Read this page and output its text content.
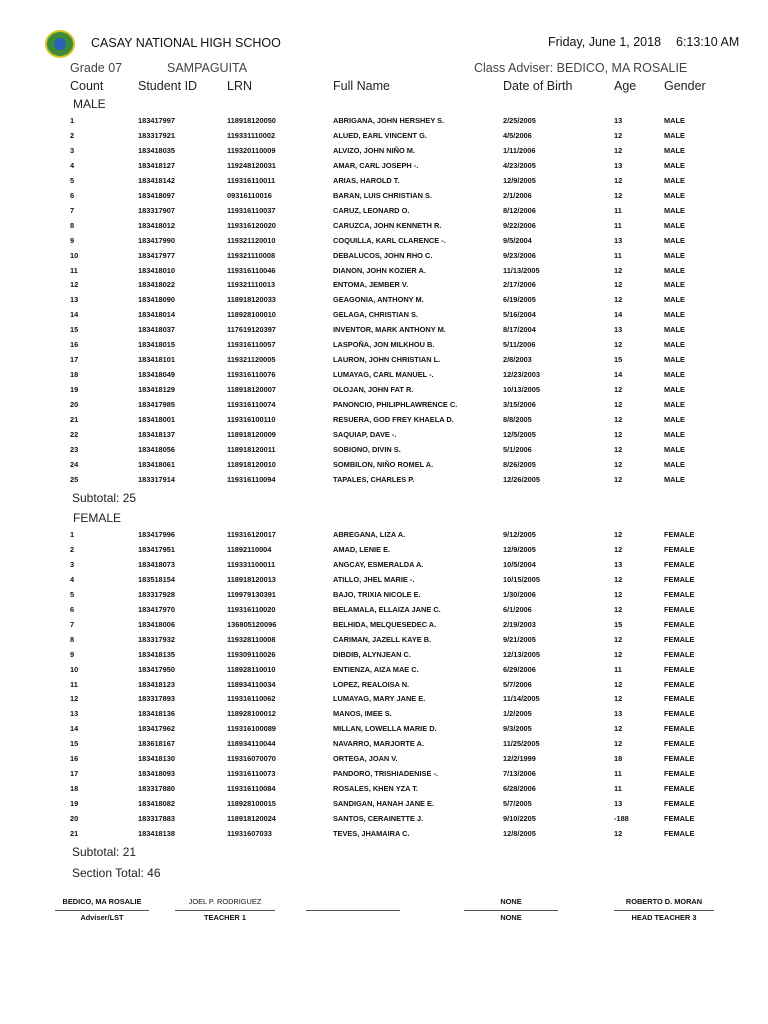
CASAY NATIONAL HIGH SCHOO	Friday, June 1, 2018 6:13:10 AM
Grade 07	SAMPAGUITA	Class Adviser: BEDICO, MA ROSALIE
Count	Student ID LRN	Full Name	Date of Birth	Age Gender
MALE
1	183417997	118918120050	ABRIGANA, JOHN HERSHEY S.	2/25/2005	13	MALE
2	183317921	119331110002	ALUED, EARL VINCENT G.	4/5/2006	12	MALE
3	183418035	119320110009	ALVIZO, JOHN NIÑO M.	1/11/2006	12	MALE
4	183418127	119248120031	AMAR, CARL JOSEPH -.	4/23/2005	13	MALE
5	183418142	119316110011	ARIAS, HAROLD T.	12/9/2005	12	MALE
6	183418097	09316110016	BARAN, LUIS CHRISTIAN S.	2/1/2006	12	MALE
7	183317907	119316110037	CARUZ, LEONARD O.	8/12/2006	11	MALE
8	183418012	119316120020	CARUZCA, JOHN KENNETH R.	9/22/2006	11	MALE
9	183417990	119321120010	COQUILLA, KARL CLARENCE -.	9/5/2004	13	MALE
10	183417977	119321110008	DEBALUCOS, JOHN RHO C.	9/23/2006	11	MALE
11	183418010	119316110046	DIANON, JOHN KOZIER A.	11/13/2005	12	MALE
12	183418022	119321110013	ENTOMA, JEMBER V.	2/17/2006	12	MALE
13	183418090	118918120033	GEAGONIA, ANTHONY M.	6/19/2005	12	MALE
14	183418014	118928100010	GELAGA, CHRISTIAN S.	5/16/2004	14	MALE
15	183418037	117619120397	INVENTOR, MARK ANTHONY M.	8/17/2004	13	MALE
16	183418015	119316110057	LASPOÑA, JON MILKHOU B.	5/11/2006	12	MALE
17	183418101	119321120005	LAURON, JOHN CHRISTIAN L.	2/8/2003	15	MALE
18	183418049	119316110076	LUMAYAG, CARL MANUEL -.	12/23/2003	14	MALE
19	183418129	118918120007	OLOJAN, JOHN FAT R.	10/13/2005	12	MALE
20	183417985	119316110074	PANONCIO, PHILIPHLAWRENCE C.	3/15/2006	12	MALE
21	183418001	119316100110	RESUERA, GOD FREY KHAELA D.	8/8/2005	12	MALE
22	183418137	118918120009	SAQUIAP, DAVE -.	12/5/2005	12	MALE
23	183418056	118918120011	SOBIONO, DIVIN S.	5/1/2006	12	MALE
24	183418061	118918120010	SOMBILON, NIÑO ROMEL A.	8/26/2005	12	MALE
25	183317914	119316110094	TAPALES, CHARLES P.	12/26/2005	12	MALE
Subtotal: 25
FEMALE
1	183417996	119316120017	ABREGANA, LIZA A.	9/12/2005	12	FEMALE
2	183417951	11892110004	AMAD, LENIE E.	12/9/2005	12	FEMALE
3	183418073	119331100011	ANGCAY, ESMERALDA A.	10/5/2004	13	FEMALE
4	183518154	118918120013	ATILLO, JHEL MARIE -.	10/15/2005	12	FEMALE
5	183317928	119979130391	BAJO, TRIXIA NICOLE E.	1/30/2006	12	FEMALE
6	183417970	119316110020	BELAMALA, ELLAIZA JANE C.	6/1/2006	12	FEMALE
7	183418006	136805120096	BELHIDA, MELQUESEDEC A.	2/19/2003	15	FEMALE
8	183317932	119328110008	CARIMAN, JAZELL KAYE B.	9/21/2005	12	FEMALE
9	183418135	119309110026	DIBDIB, ALYNJEAN C.	12/13/2005	12	FEMALE
10	183417950	118928110010	ENTIENZA, AIZA MAE C.	6/29/2006	11	FEMALE
11	183418123	118934110034	LOPEZ, REALOISA N.	5/7/2006	12	FEMALE
12	183317893	119316110062	LUMAYAG, MARY JANE E.	11/14/2005	12	FEMALE
13	183418136	118928100012	MANOS, IMEE S.	1/2/2005	13	FEMALE
14	183417962	119316100089	MILLAN, LOWELLA MARIE D.	9/3/2005	12	FEMALE
15	183618167	118934110044	NAVARRO, MARJORTE A.	11/25/2005	12	FEMALE
16	183418130	119316070070	ORTEGA, JOAN V.	12/2/1999	18	FEMALE
17	183418093	119316110073	PANDORO, TRISHIADENISE -.	7/13/2006	11	FEMALE
18	183317880	119316110084	ROSALES, KHEN YZA T.	6/28/2006	11	FEMALE
19	183418082	118928100015	SANDIGAN, HANAH JANE E.	5/7/2005	13	FEMALE
20	183317883	118918120024	SANTOS, CERAINETTE J.	9/10/2205	-188	FEMALE
21	183418138	11931607033	TEVES, JHAMAIRA C.	12/8/2005	12	FEMALE
Subtotal: 21
Section Total: 46
BEDICO, MA ROSALIE
Adviser/LST
JOEL P. RODRIGUEZ
TEACHER 1
NONE
NONE
ROBERTO D. MORAN
HEAD TEACHER 3
